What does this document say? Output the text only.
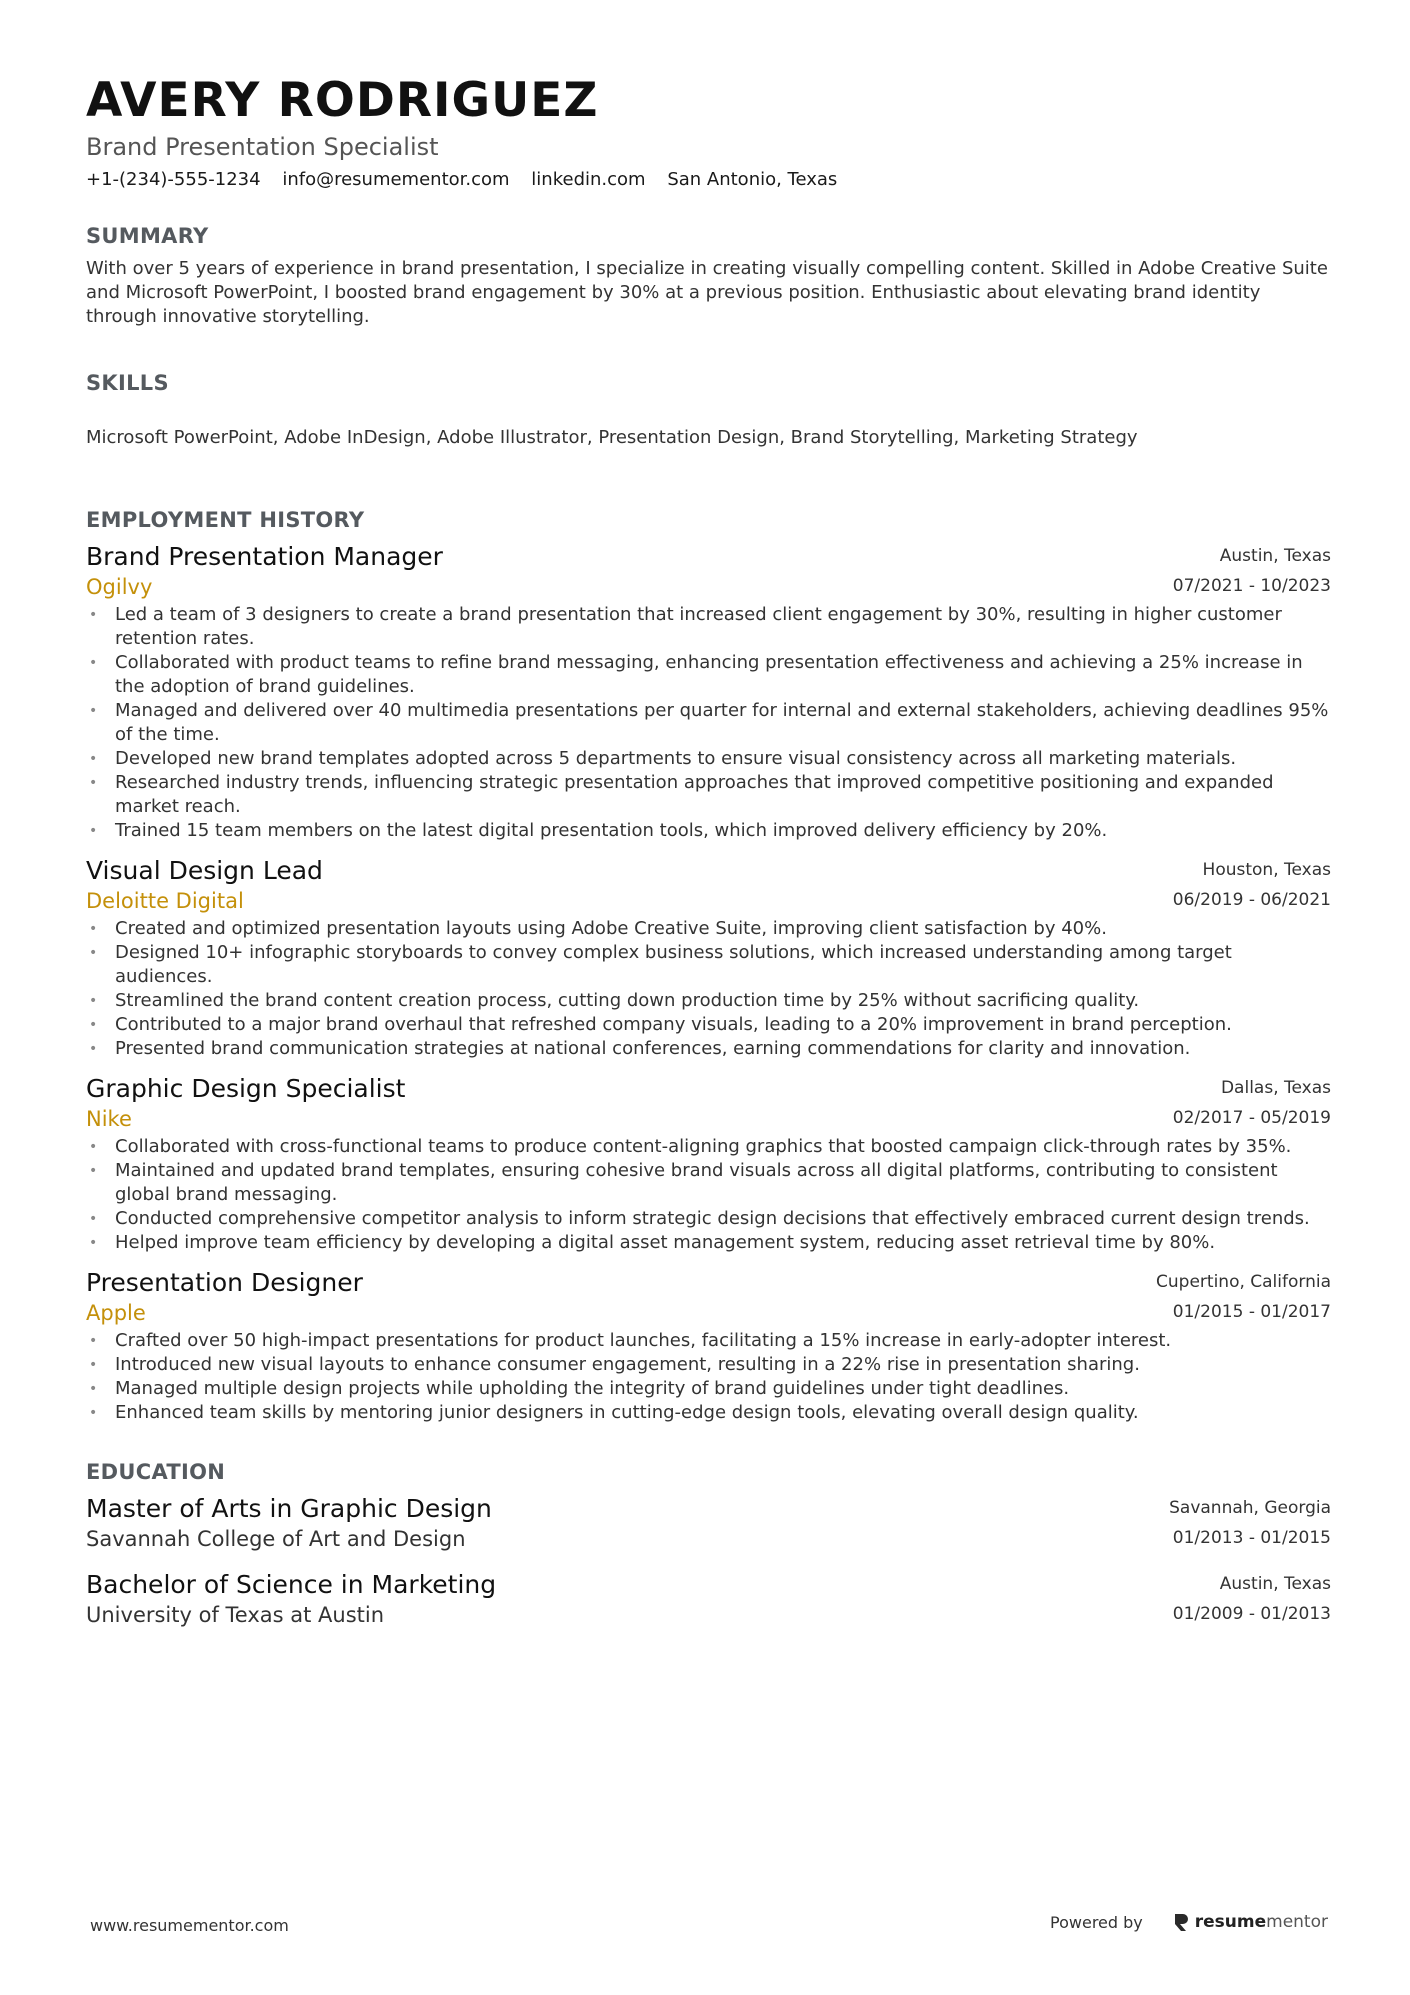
AVERY RODRIGUEZ
Brand Presentation Specialist
+1-(234)-555-1234 info@resumementor.com linkedin.com San Antonio, Texas
SUMMARY
With over 5 years of experience in brand presentation, I specialize in creating visually compelling content. Skilled in Adobe Creative Suite and Microsoft PowerPoint, I boosted brand engagement by 30% at a previous position. Enthusiastic about elevating brand identity through innovative storytelling.
SKILLS
Microsoft PowerPoint, Adobe InDesign, Adobe Illustrator, Presentation Design, Brand Storytelling, Marketing Strategy
EMPLOYMENT HISTORY
Brand Presentation Manager
Ogilvy
Austin, Texas
07/2021 - 10/2023
• Led a team of 3 designers to create a brand presentation that increased client engagement by 30%, resulting in higher customer retention rates.
• Collaborated with product teams to refine brand messaging, enhancing presentation effectiveness and achieving a 25% increase in the adoption of brand guidelines.
• Managed and delivered over 40 multimedia presentations per quarter for internal and external stakeholders, achieving deadlines 95% of the time.
• Developed new brand templates adopted across 5 departments to ensure visual consistency across all marketing materials.
• Researched industry trends, influencing strategic presentation approaches that improved competitive positioning and expanded market reach.
• Trained 15 team members on the latest digital presentation tools, which improved delivery efficiency by 20%.
Visual Design Lead
Deloitte Digital
Houston, Texas
06/2019 - 06/2021
• Created and optimized presentation layouts using Adobe Creative Suite, improving client satisfaction by 40%.
• Designed 10+ infographic storyboards to convey complex business solutions, which increased understanding among target audiences.
• Streamlined the brand content creation process, cutting down production time by 25% without sacrificing quality.
• Contributed to a major brand overhaul that refreshed company visuals, leading to a 20% improvement in brand perception.
• Presented brand communication strategies at national conferences, earning commendations for clarity and innovation.
Graphic Design Specialist
Nike
Dallas, Texas
02/2017 - 05/2019
• Collaborated with cross-functional teams to produce content-aligning graphics that boosted campaign click-through rates by 35%.
• Maintained and updated brand templates, ensuring cohesive brand visuals across all digital platforms, contributing to consistent global brand messaging.
• Conducted comprehensive competitor analysis to inform strategic design decisions that effectively embraced current design trends.
• Helped improve team efficiency by developing a digital asset management system, reducing asset retrieval time by 80%.
Presentation Designer
Apple
Cupertino, California
01/2015 - 01/2017
• Crafted over 50 high-impact presentations for product launches, facilitating a 15% increase in early-adopter interest.
• Introduced new visual layouts to enhance consumer engagement, resulting in a 22% rise in presentation sharing.
• Managed multiple design projects while upholding the integrity of brand guidelines under tight deadlines.
• Enhanced team skills by mentoring junior designers in cutting-edge design tools, elevating overall design quality.
EDUCATION
Master of Arts in Graphic Design
Savannah College of Art and Design
Savannah, Georgia
01/2013 - 01/2015
Bachelor of Science in Marketing
University of Texas at Austin
Austin, Texas
01/2009 - 01/2013
www.resumementor.com	Powered by	resume mentor
